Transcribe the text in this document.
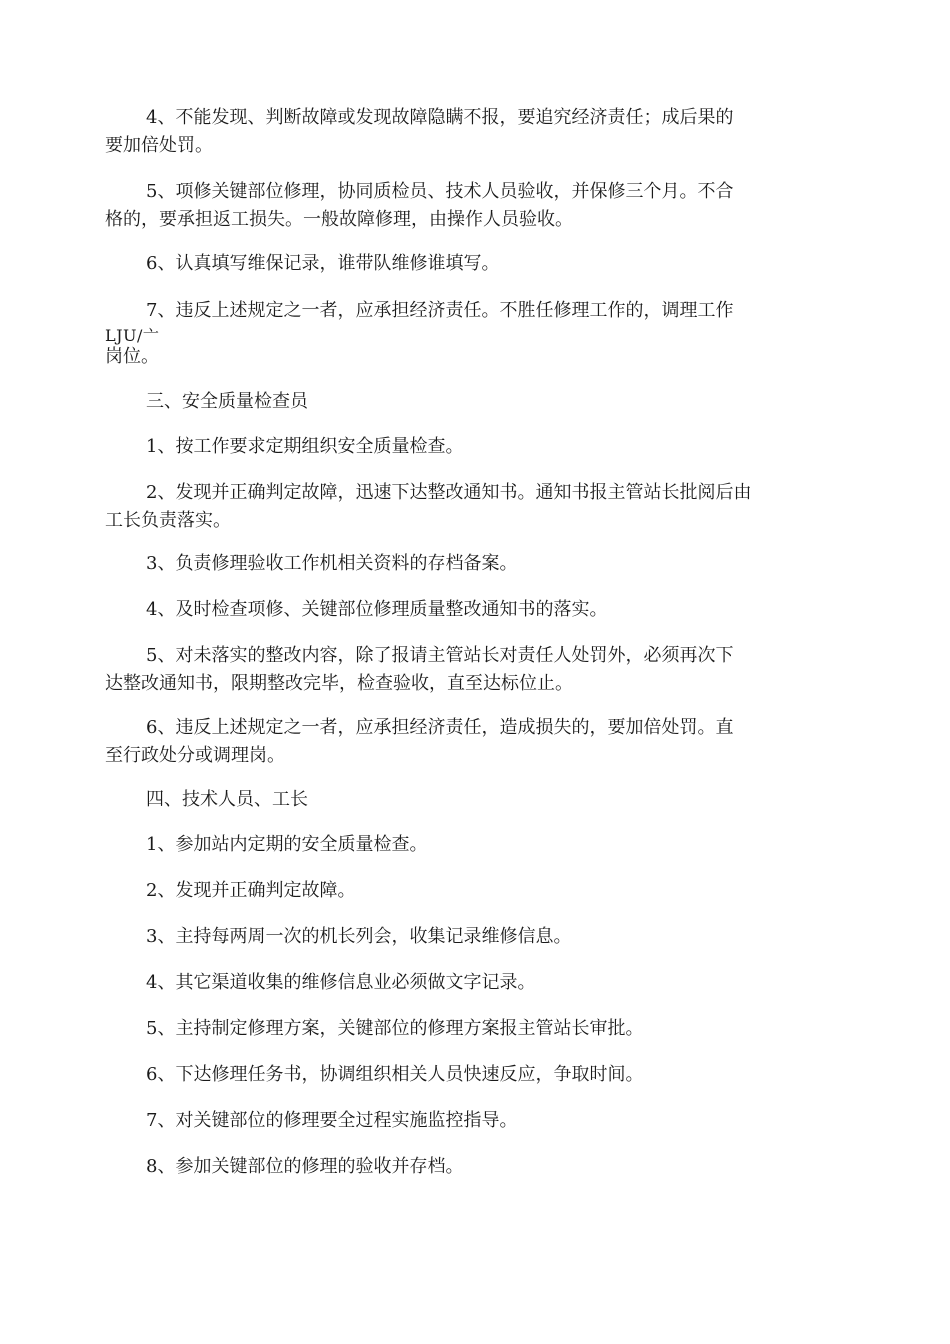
4、不能发现、判断故障或发现故障隐瞒不报，要追究经济责任；成后果的
要加倍处罚。

5、项修关键部位修理，协同质检员、技术人员验收，并保修三个月。不合
格的，要承担返工损失。一般故障修理，由操作人员验收。

6、认真填写维保记录，谁带队维修谁填写。

7、违反上述规定之一者，应承担经济责任。不胜任修理工作的，调理工作

LJU/亠

岗位。

三、安全质量检查员

1、按工作要求定期组织安全质量检查。

2、发现并正确判定故障，迅速下达整改通知书。通知书报主管站长批阅后由
工长负责落实。

3、负责修理验收工作机相关资料的存档备案。

4、及时检查项修、关键部位修理质量整改通知书的落实。

5、对未落实的整改内容，除了报请主管站长对责任人处罚外，必须再次下
达整改通知书，限期整改完毕，检查验收，直至达标位止。

6、违反上述规定之一者，应承担经济责任，造成损失的，要加倍处罚。直
至行政处分或调理岗。

四、技术人员、工长

1、参加站内定期的安全质量检查。

2、发现并正确判定故障。

3、主持每两周一次的机长列会，收集记录维修信息。

4、其它渠道收集的维修信息业必须做文字记录。

5、主持制定修理方案，关键部位的修理方案报主管站长审批。

6、下达修理任务书，协调组织相关人员快速反应，争取时间。

7、对关键部位的修理要全过程实施监控指导。

8、参加关键部位的修理的验收并存档。
